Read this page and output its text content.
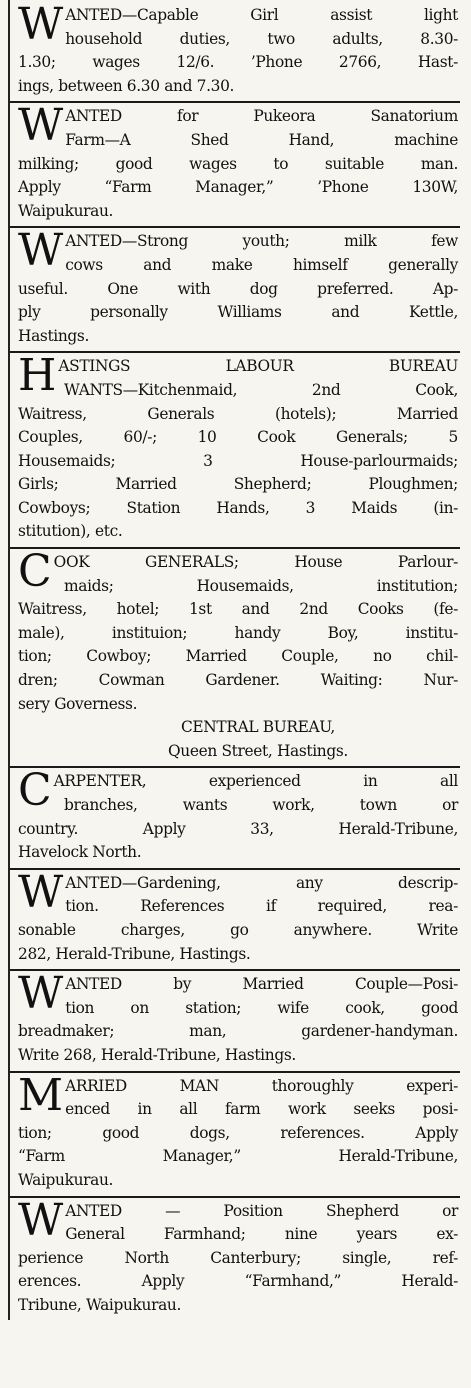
W ANTED—Capable Girl assist light
household duties, two adults, 8.30-
1.30; wages 12/6. ’Phone 2766, Hast-
ings, between 6.30 and 7.30.
W ANTED for Pukeora Sanatorium
Farm—A Shed Hand, machine
milking; good wages to suitable man.
Apply “Farm Manager,” ’Phone 130W,
Waipukurau.
W ANTED—Strong youth; milk few
cows and make himself generally
useful. One with dog preferred. Ap-
ply personally Williams and Kettle,
Hastings.
H ASTINGS LABOUR BUREAU
WANTS—Kitchenmaid, 2nd Cook,
Waitress, Generals (hotels); Married
Couples, 60/-; 10 Cook Generals; 5
Housemaids; 3 House-parlourmaids;
Girls; Married Shepherd; Ploughmen;
Cowboys; Station Hands, 3 Maids (in-
stitution), etc.
C OOK GENERALS; House Parlour-
maids; Housemaids, institution;
Waitress, hotel; 1st and 2nd Cooks (fe-
male), instituion; handy Boy, institu-
tion; Cowboy; Married Couple, no chil-
dren; Cowman Gardener. Waiting: Nur-
sery Governess.
CENTRAL BUREAU,
Queen Street, Hastings.
C ARPENTER, experienced in all
branches, wants work, town or
country. Apply 33, Herald-Tribune,
Havelock North.
W ANTED—Gardening, any descrip-
tion. References if required, rea-
sonable charges, go anywhere. Write
282, Herald-Tribune, Hastings.
W ANTED by Married Couple—Posi-
tion on station; wife cook, good
breadmaker; man, gardener-handyman.
Write 268, Herald-Tribune, Hastings.
M ARRIED MAN thoroughly experi-
enced in all farm work seeks posi-
tion; good dogs, references. Apply
“Farm Manager,” Herald-Tribune,
Waipukurau.
W ANTED — Position Shepherd or
General Farmhand; nine years ex-
perience North Canterbury; single, ref-
erences. Apply “Farmhand,” Herald-
Tribune, Waipukurau.
